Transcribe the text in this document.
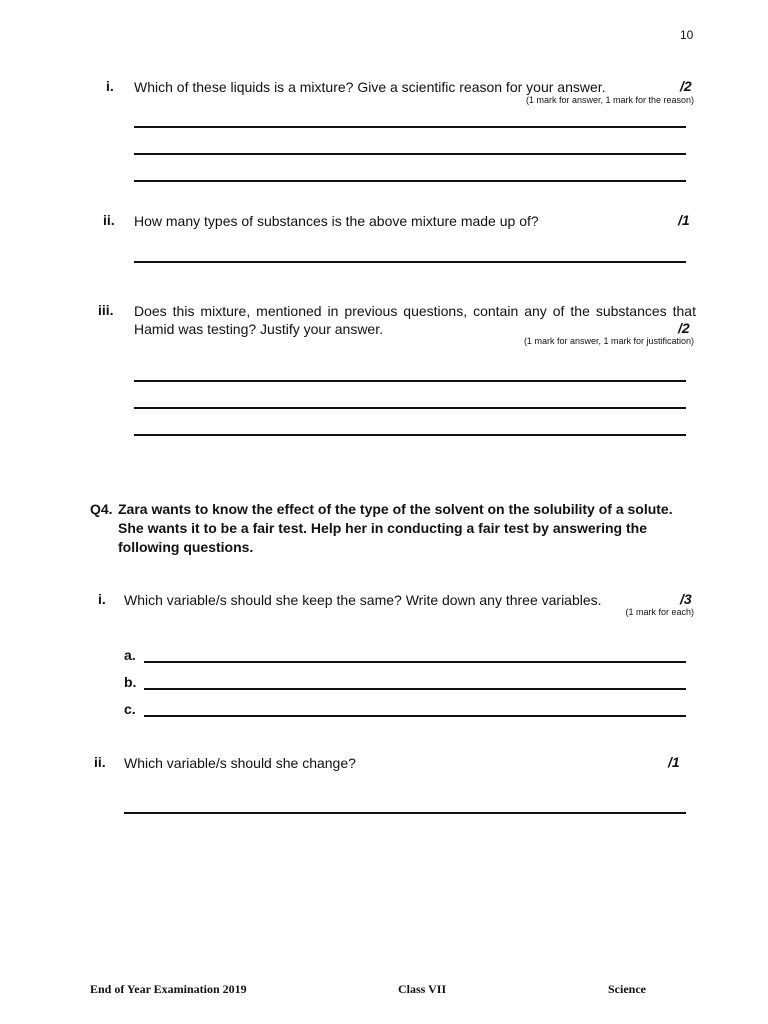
10
i. Which of these liquids is a mixture? Give a scientific reason for your answer.	/2
(1 mark for answer, 1 mark for the reason)
ii. How many types of substances is the above mixture made up of?	/1
iii. Does this mixture, mentioned in previous questions, contain any of the substances that Hamid was testing? Justify your answer.	/2
(1 mark for answer, 1 mark for justification)
Q4. Zara wants to know the effect of the type of the solvent on the solubility of a solute. She wants it to be a fair test. Help her in conducting a fair test by answering the following questions.
i. Which variable/s should she keep the same? Write down any three variables.	/3
(1 mark for each)
a.
b.
c.
ii. Which variable/s should she change?	/1
End of Year Examination 2019	Class VII	Science
